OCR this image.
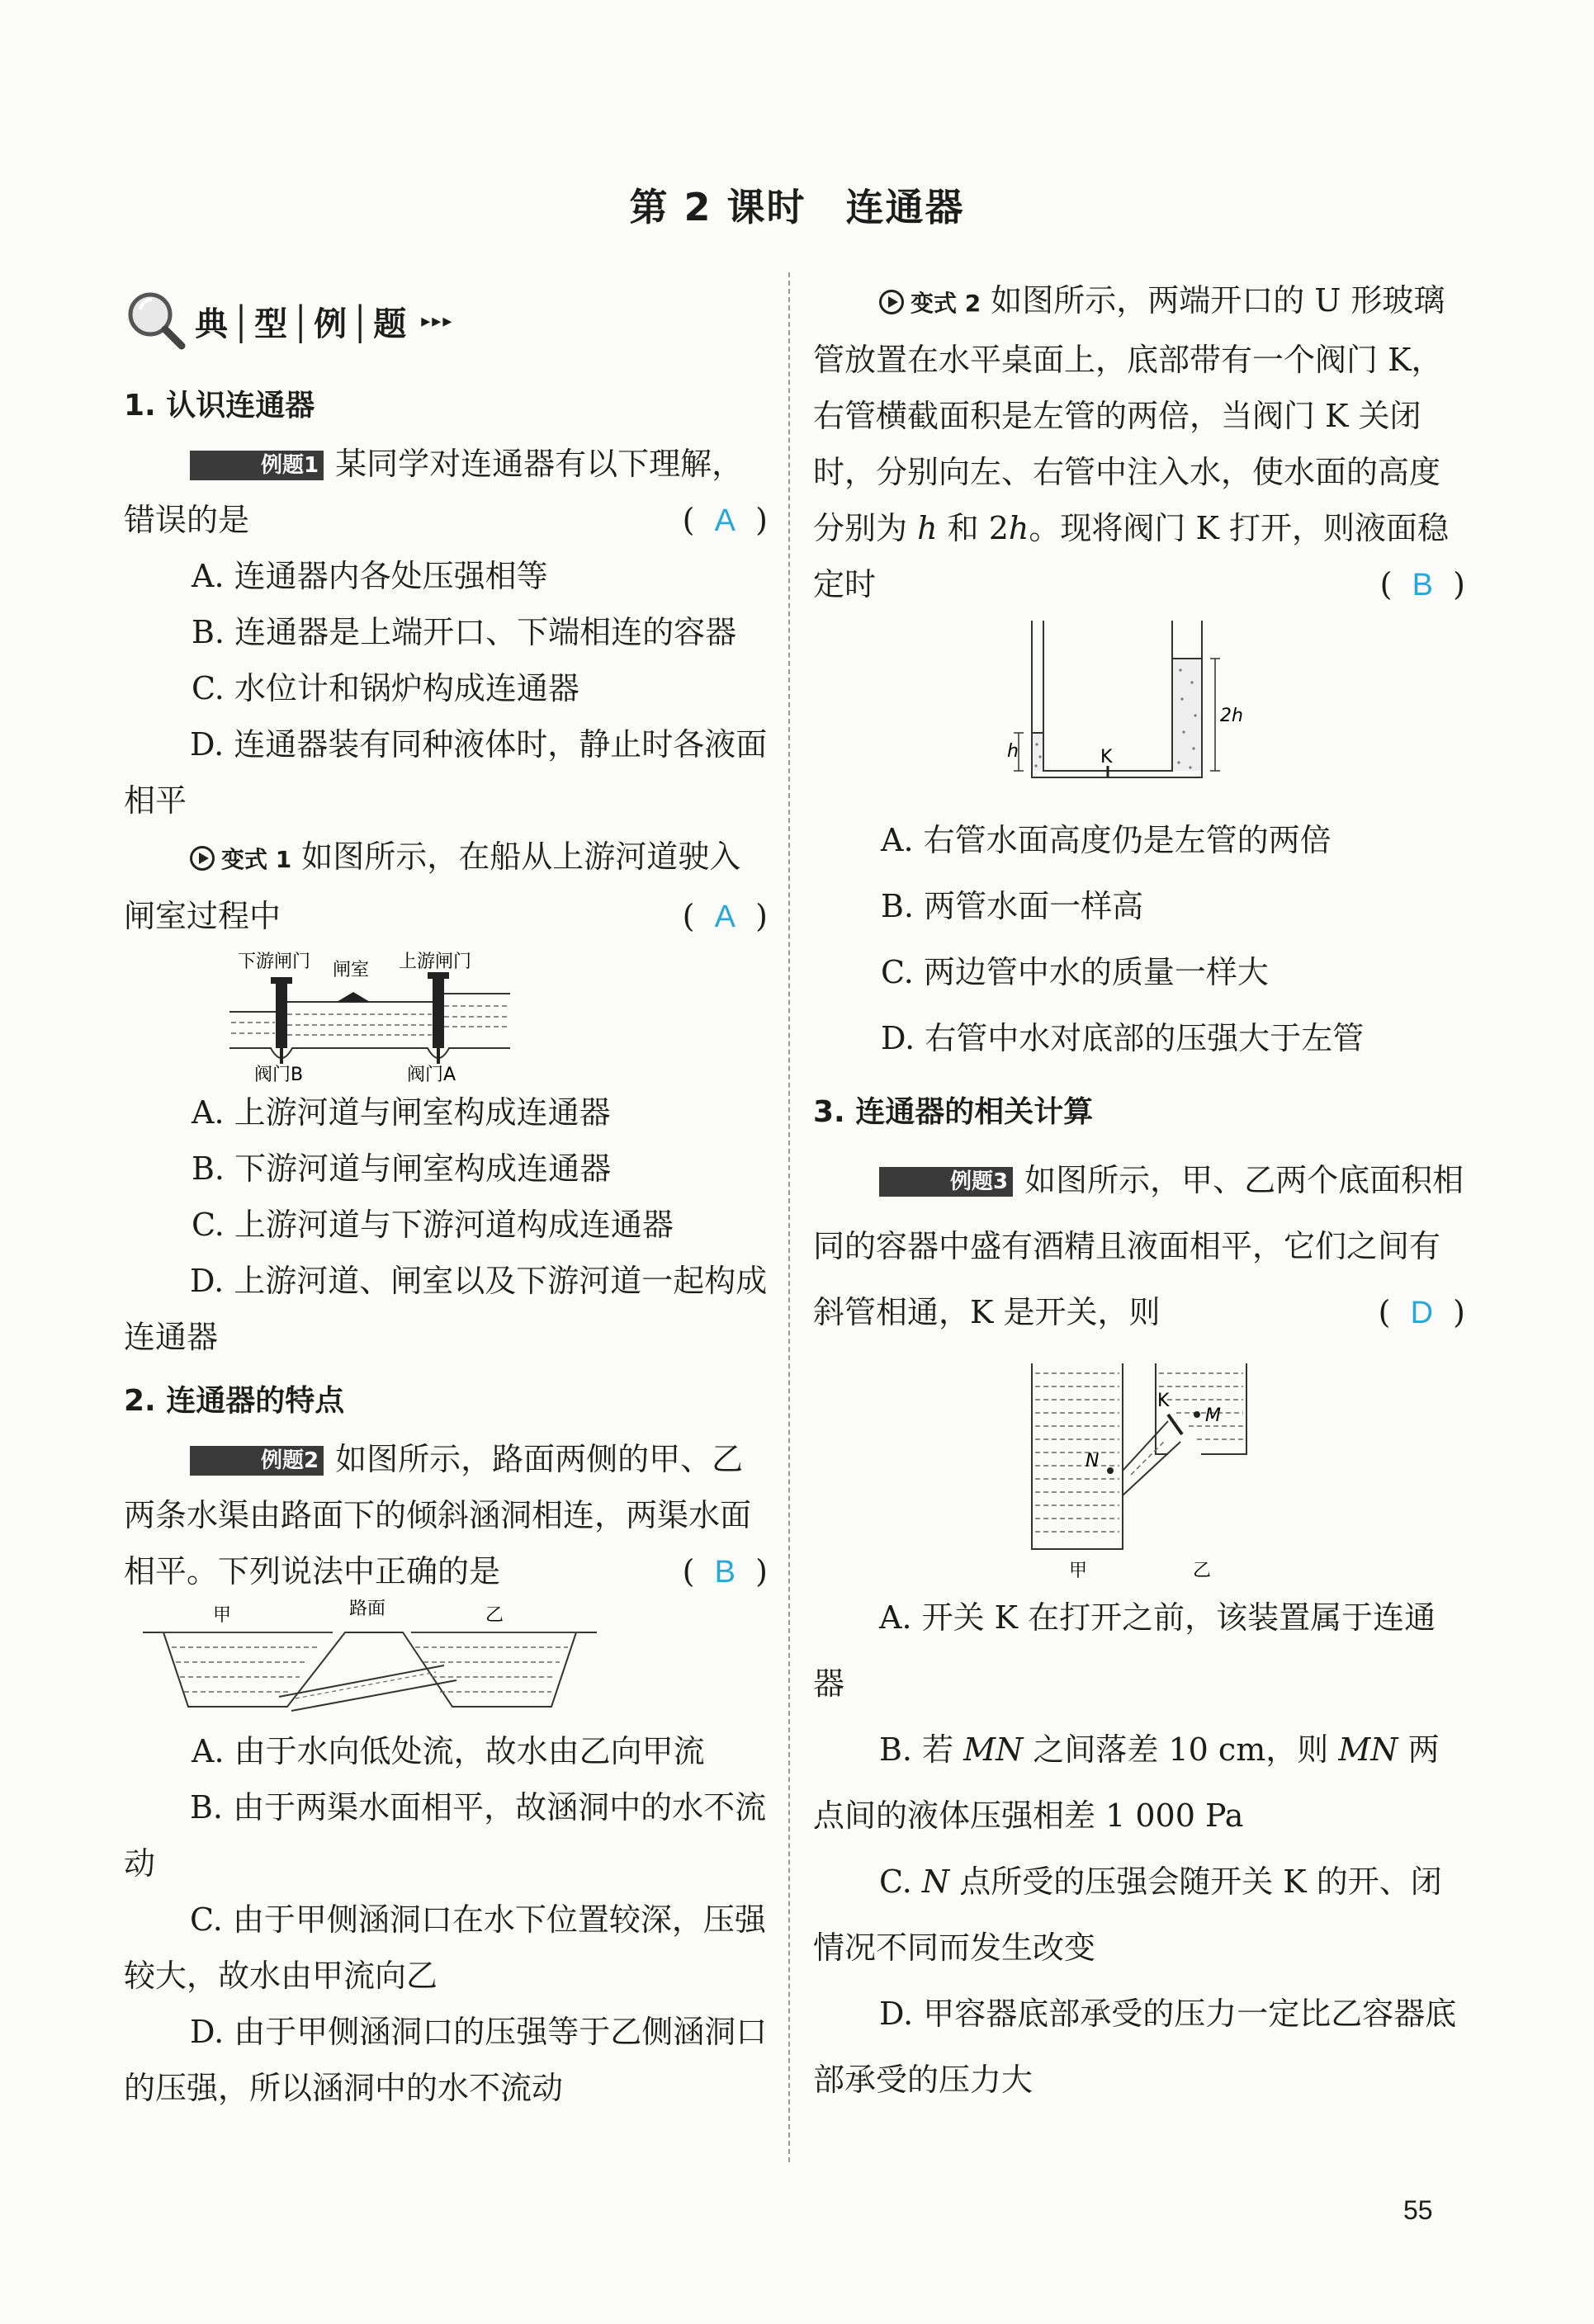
第 2 课时　连通器
典│型│例│题 ▸▸▸

1. 认识连通器

例题1 某同学对连通器有以下理解，错误的是	(  A  )

A. 连通器内各处压强相等

B. 连通器是上端开口、下端相连的容器

C. 水位计和锅炉构成连通器

D. 连通器装有同种液体时，静止时各液面相平

变式 1 如图所示，在船从上游河道驶入闸室过程中	(  A  )

下游闸门 闸室 上游闸门
阀门B	阀门A

A. 上游河道与闸室构成连通器

B. 下游河道与闸室构成连通器

C. 上游河道与下游河道构成连通器

D. 上游河道、闸室以及下游河道一起构成连通器

2. 连通器的特点

例题2 如图所示，路面两侧的甲、乙两条水渠由路面下的倾斜涵洞相连，两渠水面相平。下列说法中正确的是	(  B  )

甲	路面	乙

A. 由于水向低处流，故水由乙向甲流

B. 由于两渠水面相平，故涵洞中的水不流动

C. 由于甲侧涵洞口在水下位置较深，压强较大，故水由甲流向乙

D. 由于甲侧涵洞口的压强等于乙侧涵洞口的压强，所以涵洞中的水不流动

变式 2 如图所示，两端开口的 U 形玻璃管放置在水平桌面上，底部带有一个阀门 K，右管横截面积是左管的两倍，当阀门 K 关闭时，分别向左、右管中注入水，使水面的高度分别为 h 和 2h。现将阀门 K 打开，则液面稳定时	(  B  )

K
h
2h

A. 右管水面高度仍是左管的两倍

B. 两管水面一样高

C. 两边管中水的质量一样大

D. 右管中水对底部的压强大于左管

3. 连通器的相关计算

例题3 如图所示，甲、乙两个底面积相同的容器中盛有酒精且液面相平，它们之间有斜管相通，K 是开关，则	(  D  )

K
M
N
甲	乙

A. 开关 K 在打开之前，该装置属于连通器

B. 若 MN 之间落差 10 cm，则 MN 两点间的液体压强相差 1 000 Pa

C. N 点所受的压强会随开关 K 的开、闭情况不同而发生改变

D. 甲容器底部承受的压力一定比乙容器底部承受的压力大

55
